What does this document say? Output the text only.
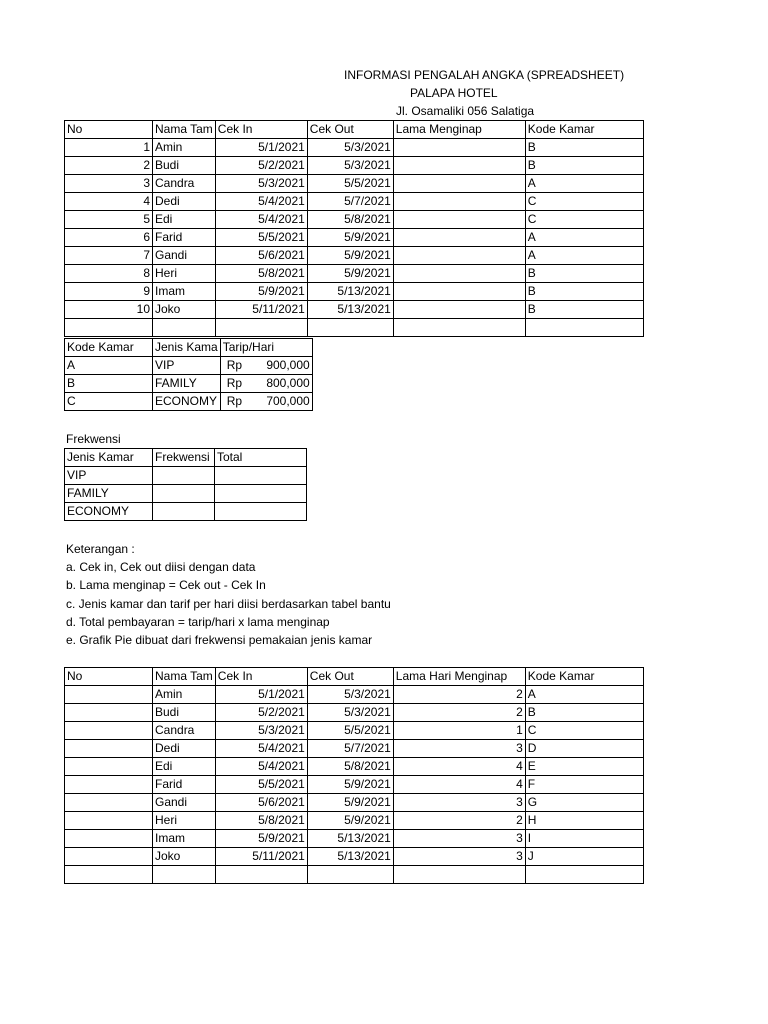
INFORMASI PENGALAH ANGKA (SPREADSHEET)
PALAPA HOTEL
Jl. Osamaliki 056 Salatiga
No	Nama Tam	Cek In	Cek Out	Lama Menginap	Kode Kamar
1	Amin	5/1/2021	5/3/2021		B
2	Budi	5/2/2021	5/3/2021		B
3	Candra	5/3/2021	5/5/2021		A
4	Dedi	5/4/2021	5/7/2021		C
5	Edi	5/4/2021	5/8/2021		C
6	Farid	5/5/2021	5/9/2021		A
7	Gandi	5/6/2021	5/9/2021		A
8	Heri	5/8/2021	5/9/2021		B
9	Imam	5/9/2021	5/13/2021		B
10	Joko	5/11/2021	5/13/2021		B

Kode Kamar	Jenis Kama	Tarip/Hari
A	VIP	Rp 900,000

B	FAMILY	Rp 800,000

C	ECONOMY	Rp 700,000
Frekwensi
Jenis Kamar	Frekwensi	Total
VIP		
FAMILY		
ECONOMY		
Keterangan :
a. Cek in, Cek out diisi dengan data
b. Lama menginap = Cek out - Cek In
c. Jenis kamar dan tarif per hari diisi berdasarkan tabel bantu
d. Total pembayaran = tarip/hari x lama menginap
e. Grafik Pie dibuat dari frekwensi pemakaian jenis kamar
No	Nama Tam	Cek In	Cek Out	Lama Hari Menginap	Kode Kamar
	Amin	5/1/2021	5/3/2021	2	A
	Budi	5/2/2021	5/3/2021	2	B
	Candra	5/3/2021	5/5/2021	1	C
	Dedi	5/4/2021	5/7/2021	3	D
	Edi	5/4/2021	5/8/2021	4	E
	Farid	5/5/2021	5/9/2021	4	F
	Gandi	5/6/2021	5/9/2021	3	G
	Heri	5/8/2021	5/9/2021	2	H
	Imam	5/9/2021	5/13/2021	3	I
	Joko	5/11/2021	5/13/2021	3	J
